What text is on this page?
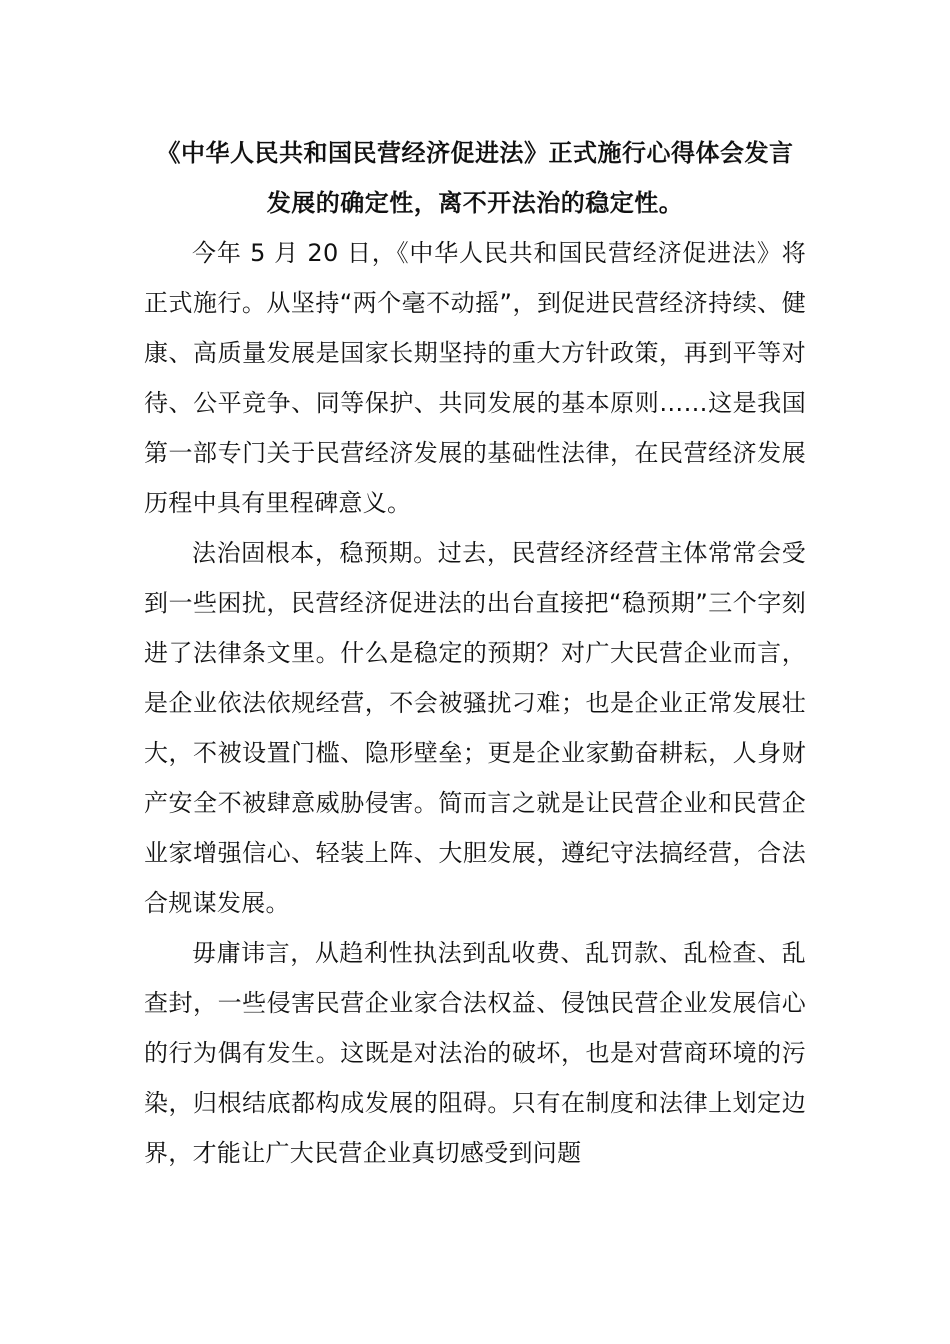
《中华人民共和国民营经济促进法》正式施行心得体会发言
发展的确定性，离不开法治的稳定性。

今年 5 月 20 日，《中华人民共和国民营经济促进法》将正式施行。从坚持“两个毫不动摇”，到促进民营经济持续、健康、高质量发展是国家长期坚持的重大方针政策，再到平等对待、公平竞争、同等保护、共同发展的基本原则……这是我国第一部专门关于民营经济发展的基础性法律，在民营经济发展历程中具有里程碑意义。

法治固根本，稳预期。过去，民营经济经营主体常常会受到一些困扰，民营经济促进法的出台直接把“稳预期”三个字刻进了法律条文里。什么是稳定的预期？对广大民营企业而言，是企业依法依规经营，不会被骚扰刁难；也是企业正常发展壮大，不被设置门槛、隐形壁垒；更是企业家勤奋耕耘，人身财产安全不被肆意威胁侵害。简而言之就是让民营企业和民营企业家增强信心、轻装上阵、大胆发展，遵纪守法搞经营，合法合规谋发展。

毋庸讳言，从趋利性执法到乱收费、乱罚款、乱检查、乱查封，一些侵害民营企业家合法权益、侵蚀民营企业发展信心的行为偶有发生。这既是对法治的破坏，也是对营商环境的污染，归根结底都构成发展的阻碍。只有在制度和法律上划定边界，才能让广大民营企业真切感受到问题
